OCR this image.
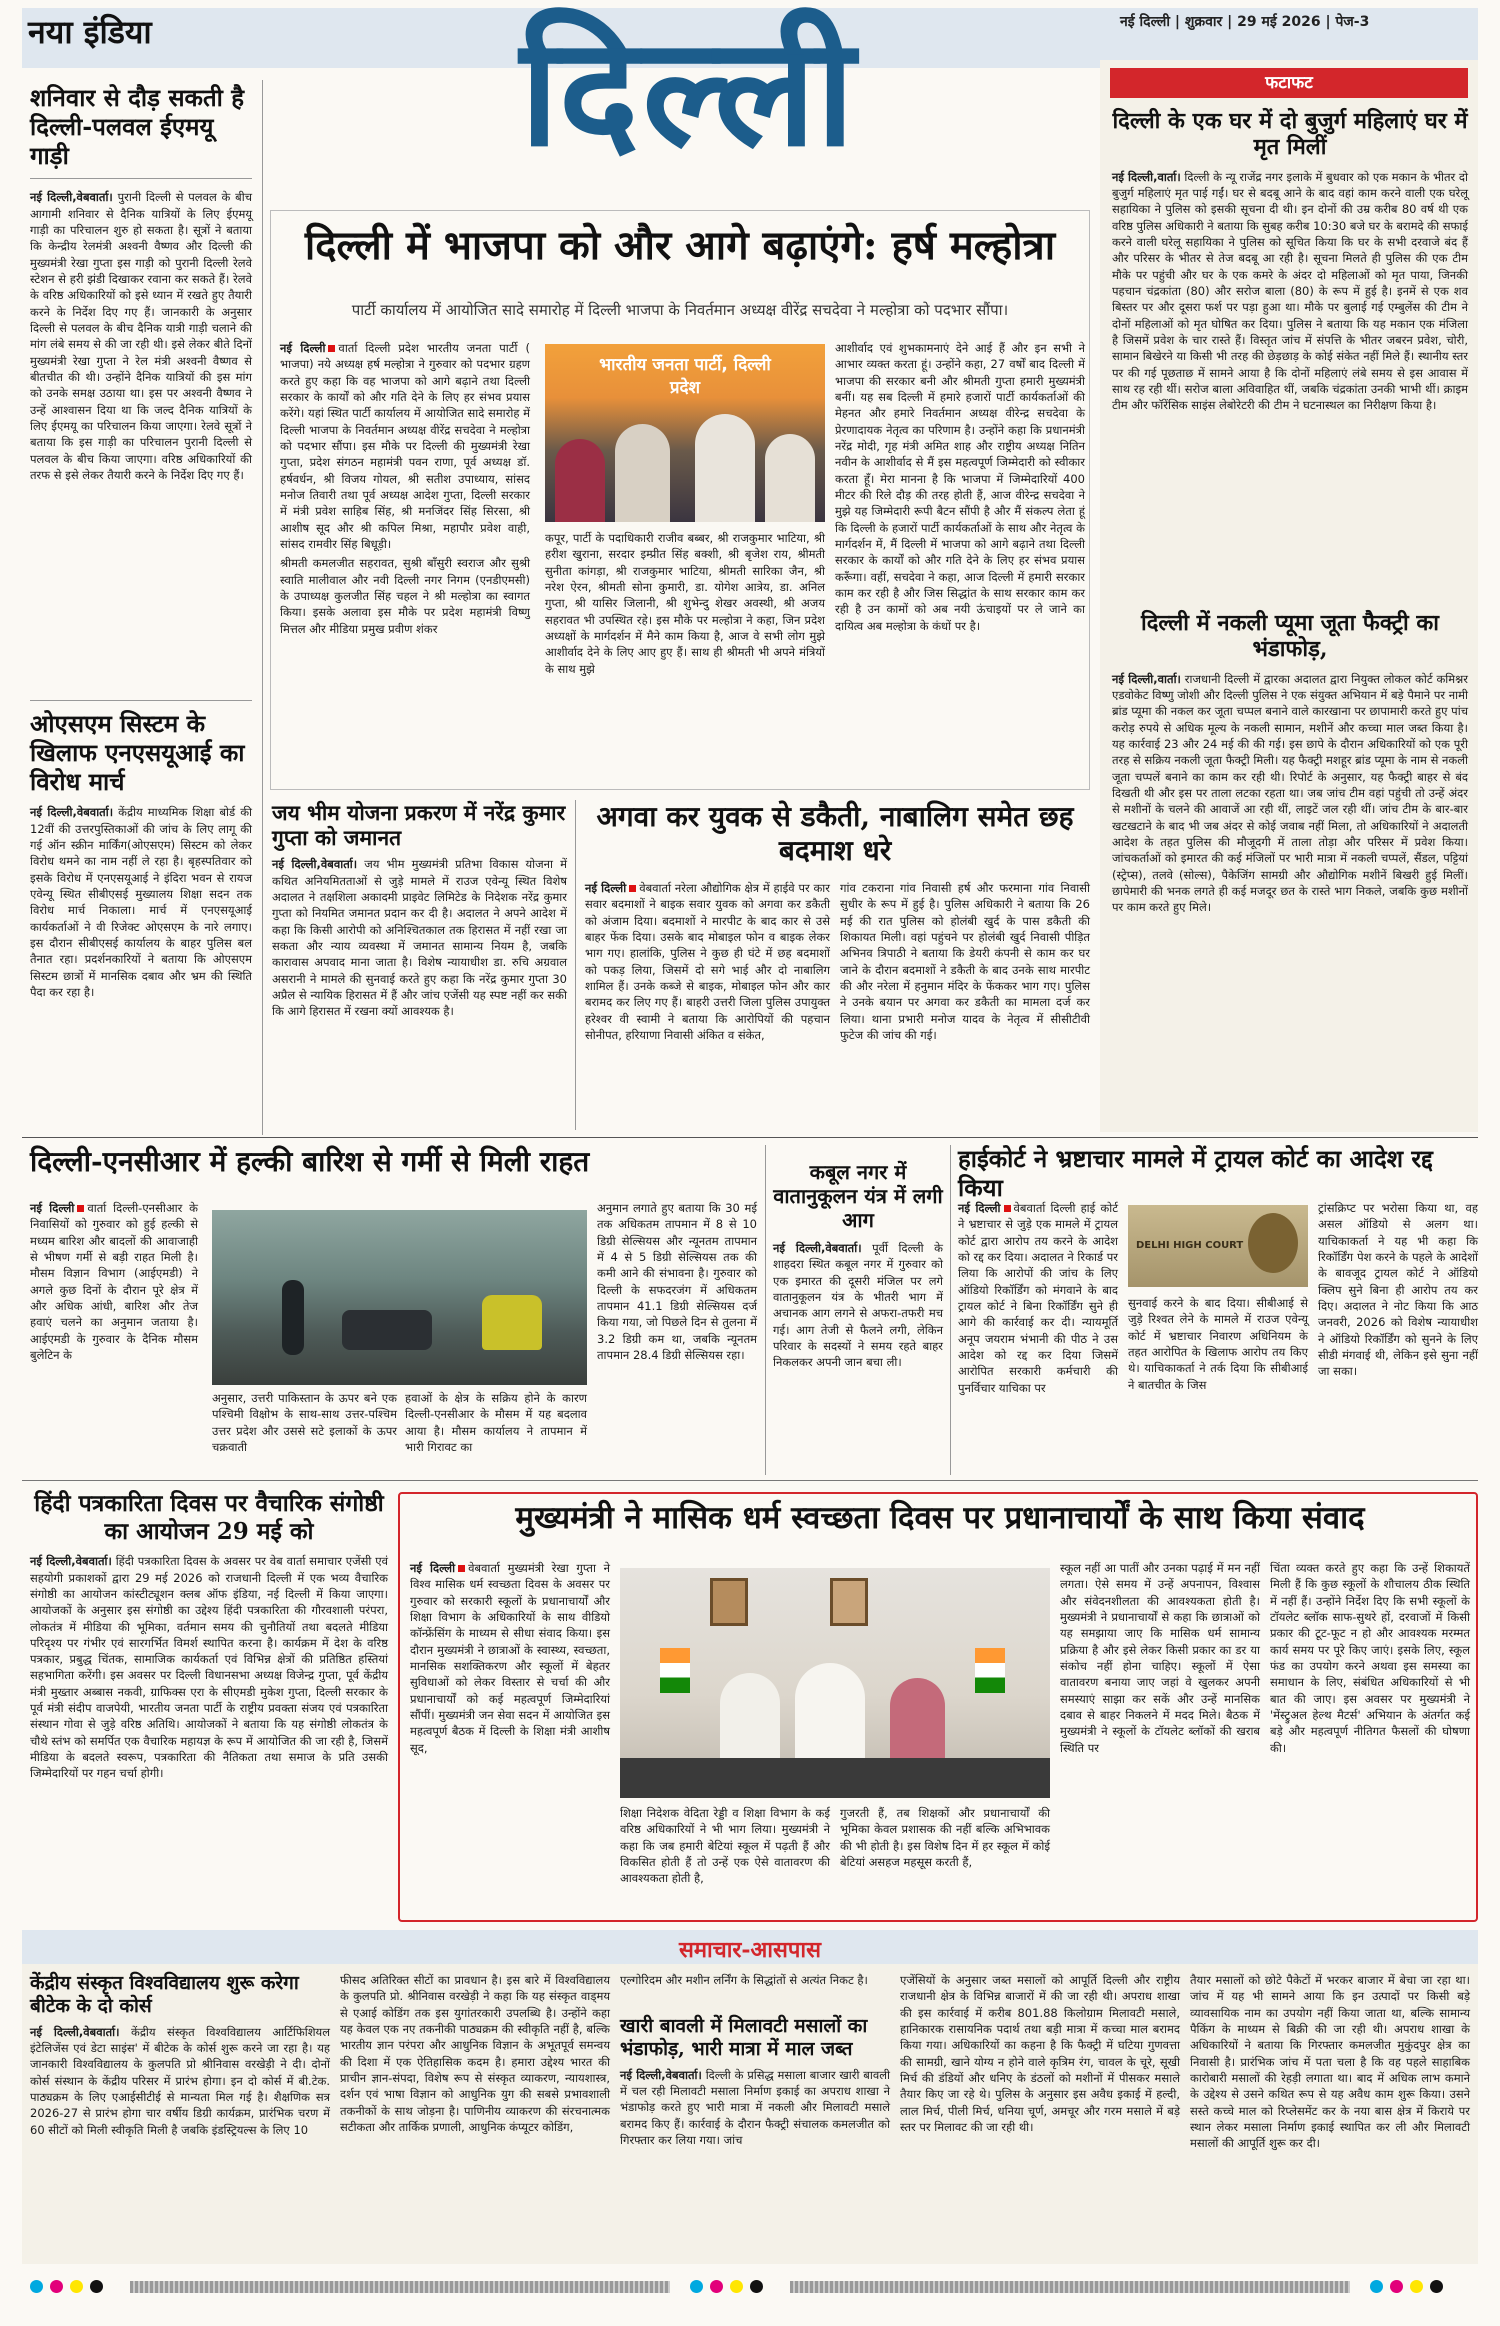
नया इंडिया	नई दिल्ली | शुक्रवार | 29 मई 2026 | पेज-3
दिल्ली
शनिवार से दौड़ सकती है दिल्ली-पलवल ईएमयू गाड़ी

नई दिल्ली,वेबवार्ता। पुरानी दिल्ली से पलवल के बीच आगामी शनिवार से दैनिक यात्रियों के लिए ईएमयू गाड़ी का परिचालन शुरु हो सकता है। सूत्रों ने बताया कि केन्द्रीय रेलमंत्री अश्वनी वैष्णव और दिल्ली की मुख्यमंत्री रेखा गुप्ता इस गाड़ी को पुरानी दिल्ली रेलवे स्टेशन से हरी झंडी दिखाकर रवाना कर सकते हैं। रेलवे के वरिष्ठ अधिकारियों को इसे ध्यान में रखते हुए तैयारी करने के निर्देश दिए गए हैं। जानकारी के अनुसार दिल्ली से पलवल के बीच दैनिक यात्री गाड़ी चलाने की मांग लंबे समय से की जा रही थी। इसे लेकर बीते दिनों मुख्यमंत्री रेखा गुप्ता ने रेल मंत्री अश्वनी वैष्णव से बीतचीत की थी। उन्होंने दैनिक यात्रियों की इस मांग को उनके समक्ष उठाया था। इस पर अश्वनी वैष्णव ने उन्हें आश्वासन दिया था कि जल्द दैनिक यात्रियों के लिए ईएमयू का परिचालन किया जाएगा। रेलवे सूत्रों ने बताया कि इस गाड़ी का परिचालन पुरानी दिल्ली से पलवल के बीच किया जाएगा। वरिष्ठ अधिकारियों की तरफ से इसे लेकर तैयारी करने के निर्देश दिए गए हैं।

ओएसएम सिस्टम के खिलाफ एनएसयूआई का विरोध मार्च

नई दिल्ली,वेबवार्ता। केंद्रीय माध्यमिक शिक्षा बोर्ड की 12वीं की उत्तरपुस्तिकाओं की जांच के लिए लागू की गई ऑन स्क्रीन मार्किंग(ओएसएम) सिस्टम को लेकर विरोध थमने का नाम नहीं ले रहा है। बृहस्पतिवार को इसके विरोध में एनएसयूआई ने इंदिरा भवन से रायज एवेन्यू स्थित सीबीएसई मुख्यालय शिक्षा सदन तक विरोध मार्च निकाला। मार्च में एनएसयूआई कार्यकर्ताओं ने वी रिजेक्ट ओएसएम के नारे लगाए। इस दौरान सीबीएसई कार्यालय के बाहर पुलिस बल तैनात रहा। प्रदर्शनकारियों ने बताया कि ओएसएम सिस्टम छात्रों में मानसिक दबाव और भ्रम की स्थिति पैदा कर रहा है।

दिल्ली में भाजपा को और आगे बढ़ाएंगे: हर्ष मल्होत्रा
पार्टी कार्यालय में आयोजित सादे समारोह में दिल्ली भाजपा के निवर्तमान अध्यक्ष वीरेंद्र सचदेवा ने मल्होत्रा को पदभार सौंपा।

नई दिल्ली वार्ता दिल्ली प्रदेश भारतीय जनता पार्टी ( भाजपा) नये अध्यक्ष हर्ष मल्होत्रा ने गुरुवार को पदभार ग्रहण करते हुए कहा कि वह भाजपा को आगे बढ़ाने तथा दिल्ली सरकार के कार्यों को और गति देने के लिए हर संभव प्रयास करेंगे। यहां स्थित पार्टी कार्यालय में आयोजित सादे समारोह में दिल्ली भाजपा के निवर्तमान अध्यक्ष वीरेंद्र सचदेवा ने मल्होत्रा को पदभार सौंपा। इस मौके पर दिल्ली की मुख्यमंत्री रेखा गुप्ता, प्रदेश संगठन महामंत्री पवन राणा, पूर्व अध्यक्ष डॉ. हर्षवर्धन, श्री विजय गोयल, श्री सतीश उपाध्याय, सांसद मनोज तिवारी तथा पूर्व अध्यक्ष आदेश गुप्ता, दिल्ली सरकार में मंत्री प्रवेश साहिब सिंह, श्री मनजिंदर सिंह सिरसा, श्री आशीष सूद और श्री कपिल मिश्रा, महापौर प्रवेश वाही, सांसद रामवीर सिंह बिधूड़ी।

श्रीमती कमलजीत सहरावत, सुश्री बाँसुरी स्वराज और सुश्री स्वाति मालीवाल और नवी दिल्ली नगर निगम (एनडीएमसी) के उपाध्यक्ष कुलजीत सिंह चहल ने श्री मल्होत्रा का स्वागत किया। इसके अलावा इस मौके पर प्रदेश महामंत्री विष्णु मित्तल और मीडिया प्रमुख प्रवीण शंकर

भारतीय जनता पार्टी, दिल्ली प्रदेश

कपूर, पार्टी के पदाधिकारी राजीव बब्बर, श्री राजकुमार भाटिया, श्री हरीश खुराना, सरदार इम्प्रीत सिंह बक्शी, श्री बृजेश राय, श्रीमती सुनीता कांगड़ा, श्री राजकुमार भाटिया, श्रीमती सारिका जैन, श्री नरेश ऐरन, श्रीमती सोना कुमारी, डा. योगेश आत्रेय, डा. अनिल गुप्ता, श्री यासिर जिलानी, श्री शुभेन्दु शेखर अवस्थी, श्री अजय सहरावत भी उपस्थित रहे। इस मौके पर मल्होत्रा ने कहा, जिन प्रदेश अध्यक्षों के मार्गदर्शन में मैने काम किया है, आज वे सभी लोग मुझे आशीर्वाद देने के लिए आए हुए हैं। साथ ही श्रीमती भी अपने मंत्रियों के साथ मुझे

आशीर्वाद एवं शुभकामनाएं देने आई हैं और इन सभी ने आभार व्यक्त करता हूं। उन्होंने कहा, 27 वर्षों बाद दिल्ली में भाजपा की सरकार बनी और श्रीमती गुप्ता हमारी मुख्यमंत्री बनीं। यह सब दिल्ली में हमारे हजारों पार्टी कार्यकर्ताओं की मेहनत और हमारे निवर्तमान अध्यक्ष वीरेन्द्र सचदेवा के प्रेरणादायक नेतृत्व का परिणाम है। उन्होंने कहा कि प्रधानमंत्री नरेंद्र मोदी, गृह मंत्री अमित शाह और राष्ट्रीय अध्यक्ष नितिन नवीन के आशीर्वाद से मैं इस महत्वपूर्ण जिम्मेदारी को स्वीकार करता हूँ। मेरा मानना है कि भाजपा में जिम्मेदारियों 400 मीटर की रिले दौड़ की तरह होती हैं, आज वीरेन्द्र सचदेवा ने मुझे यह जिम्मेदारी रूपी बैटन सौंपी है और मैं संकल्प लेता हूं कि दिल्ली के हजारों पार्टी कार्यकर्ताओं के साथ और नेतृत्व के मार्गदर्शन में, मैं दिल्ली में भाजपा को आगे बढ़ाने तथा दिल्ली सरकार के कार्यों को और गति देने के लिए हर संभव प्रयास करूँगा। वहीं, सचदेवा ने कहा, आज दिल्ली में हमारी सरकार काम कर रही है और जिस सिद्धांत के साथ सरकार काम कर रही है उन कामों को अब नयी ऊंचाइयों पर ले जाने का दायित्व अब मल्होत्रा के कंधों पर है।

फटाफट
दिल्ली के एक घर में दो बुजुर्ग महिलाएं घर में मृत मिलीं

नई दिल्ली,वार्ता। दिल्ली के न्यू राजेंद्र नगर इलाके में बुधवार को एक मकान के भीतर दो बुजुर्ग महिलाएं मृत पाई गईं। घर से बदबू आने के बाद वहां काम करने वाली एक घरेलू सहायिका ने पुलिस को इसकी सूचना दी थी। इन दोनों की उम्र करीब 80 वर्ष थी एक वरिष्ठ पुलिस अधिकारी ने बताया कि सुबह करीब 10:30 बजे घर के बरामदे की सफाई करने वाली घरेलू सहायिका ने पुलिस को सूचित किया कि घर के सभी दरवाजे बंद हैं और परिसर के भीतर से तेज बदबू आ रही है। सूचना मिलते ही पुलिस की एक टीम मौके पर पहुंची और घर के एक कमरे के अंदर दो महिलाओं को मृत पाया, जिनकी पहचान चंद्रकांता (80) और सरोज बाला (80) के रूप में हुई है। इनमें से एक शव बिस्तर पर और दूसरा फर्श पर पड़ा हुआ था। मौके पर बुलाई गई एम्बुलेंस की टीम ने दोनों महिलाओं को मृत घोषित कर दिया। पुलिस ने बताया कि यह मकान एक मंजिला है जिसमें प्रवेश के चार रास्ते हैं। विस्तृत जांच में संपत्ति के भीतर जबरन प्रवेश, चोरी, सामान बिखेरने या किसी भी तरह की छेड़छाड़ के कोई संकेत नहीं मिले हैं। स्थानीय स्तर पर की गई पूछताछ में सामने आया है कि दोनों महिलाएं लंबे समय से इस आवास में साथ रह रही थीं। सरोज बाला अविवाहित थीं, जबकि चंद्रकांता उनकी भाभी थीं। क्राइम टीम और फॉरेंसिक साइंस लेबोरेटरी की टीम ने घटनास्थल का निरीक्षण किया है।

दिल्ली में नकली प्यूमा जूता फैक्ट्री का भंडाफोड़,

नई दिल्ली,वार्ता। राजधानी दिल्ली में द्वारका अदालत द्वारा नियुक्त लोकल कोर्ट कमिश्नर एडवोकेट विष्णु जोशी और दिल्ली पुलिस ने एक संयुक्त अभियान में बड़े पैमाने पर नामी ब्रांड प्यूमा की नकल कर जूता चप्पल बनाने वाले कारखाना पर छापामारी करते हुए पांच करोड़ रुपये से अधिक मूल्य के नकली सामान, मशीनें और कच्चा माल जब्त किया है। यह कार्रवाई 23 और 24 मई की की गई। इस छापे के दौरान अधिकारियों को एक पूरी तरह से सक्रिय नकली जूता फैक्ट्री मिली। यह फैक्ट्री मशहूर ब्रांड प्यूमा के नाम से नकली जूता चप्पलें बनाने का काम कर रही थी। रिपोर्ट के अनुसार, यह फैक्ट्री बाहर से बंद दिखती थी और इस पर ताला लटका रहता था। जब जांच टीम वहां पहुंची तो उन्हें अंदर से मशीनों के चलने की आवाजें आ रही थीं, लाइटें जल रही थीं। जांच टीम के बार-बार खटखटाने के बाद भी जब अंदर से कोई जवाब नहीं मिला, तो अधिकारियों ने अदालती आदेश के तहत पुलिस की मौजूदगी में ताला तोड़ा और परिसर में प्रवेश किया। जांचकर्ताओं को इमारत की कई मंजिलों पर भारी मात्रा में नकली चप्पलें, सैंडल, पट्टियां (स्ट्रेप्स), तलवे (सोल्स), पैकेजिंग सामग्री और औद्योगिक मशीनें बिखरी हुई मिलीं। छापेमारी की भनक लगते ही कई मजदूर छत के रास्ते भाग निकले, जबकि कुछ मशीनों पर काम करते हुए मिले।

जय भीम योजना प्रकरण में नरेंद्र कुमार गुप्ता को जमानत

नई दिल्ली,वेबवार्ता। जय भीम मुख्यमंत्री प्रतिभा विकास योजना में कथित अनियमितताओं से जुड़े मामले में राउज एवेन्यू स्थित विशेष अदालत ने तक्षशिला अकादमी प्राइवेट लिमिटेड के निदेशक नरेंद्र कुमार गुप्ता को नियमित जमानत प्रदान कर दी है। अदालत ने अपने आदेश में कहा कि किसी आरोपी को अनिश्चितकाल तक हिरासत में नहीं रखा जा सकता और न्याय व्यवस्था में जमानत सामान्य नियम है, जबकि कारावास अपवाद माना जाता है। विशेष न्यायाधीश डा. रुचि अग्रवाल असरानी ने मामले की सुनवाई करते हुए कहा कि नरेंद्र कुमार गुप्ता 30 अप्रैल से न्यायिक हिरासत में हैं और जांच एजेंसी यह स्पष्ट नहीं कर सकी कि आगे हिरासत में रखना क्यों आवश्यक है।

अगवा कर युवक से डकैती, नाबालिग समेत छह बदमाश धरे

नई दिल्ली वेबवार्ता नरेला औद्योगिक क्षेत्र में हाईवे पर कार सवार बदमाशों ने बाइक सवार युवक को अगवा कर डकैती को अंजाम दिया। बदमाशों ने मारपीट के बाद कार से उसे बाहर फेंक दिया। उसके बाद मोबाइल फोन व बाइक लेकर भाग गए। हालांकि, पुलिस ने कुछ ही घंटे में छह बदमाशों को पकड़ लिया, जिसमें दो सगे भाई और दो नाबालिग शामिल हैं। उनके कब्जे से बाइक, मोबाइल फोन और कार बरामद कर लिए गए हैं। बाहरी उत्तरी जिला पुलिस उपायुक्त हरेश्वर वी स्वामी ने बताया कि आरोपियों की पहचान सोनीपत, हरियाणा निवासी अंकित व संकेत,

गांव टकराना गांव निवासी हर्ष और फरमाना गांव निवासी सुधीर के रूप में हुई है। पुलिस अधिकारी ने बताया कि 26 मई की रात पुलिस को होलंबी खुर्द के पास डकैती की शिकायत मिली। वहां पहुंचने पर होलंबी खुर्द निवासी पीड़ित अभिनव त्रिपाठी ने बताया कि डेयरी कंपनी से काम कर घर जाने के दौरान बदमाशों ने डकैती के बाद उनके साथ मारपीट की और नरेला में हनुमान मंदिर के फेंककर भाग गए। पुलिस ने उनके बयान पर अगवा कर डकैती का मामला दर्ज कर लिया। थाना प्रभारी मनोज यादव के नेतृत्व में सीसीटीवी फुटेज की जांच की गई।

दिल्ली-एनसीआर में हल्की बारिश से गर्मी से मिली राहत

नई दिल्ली वार्ता दिल्ली-एनसीआर के निवासियों को गुरुवार को हुई हल्की से मध्यम बारिश और बादलों की आवाजाही से भीषण गर्मी से बड़ी राहत मिली है। मौसम विज्ञान विभाग (आईएमडी) ने अगले कुछ दिनों के दौरान पूरे क्षेत्र में और अधिक आंधी, बारिश और तेज हवाएं चलने का अनुमान जताया है। आईएमडी के गुरुवार के दैनिक मौसम बुलेटिन के

अनुसार, उत्तरी पाकिस्तान के ऊपर बने एक पश्चिमी विक्षोभ के साथ-साथ उत्तर-पश्चिम उत्तर प्रदेश और उससे सटे इलाकों के ऊपर चक्रवाती

हवाओं के क्षेत्र के सक्रिय होने के कारण दिल्ली-एनसीआर के मौसम में यह बदलाव आया है। मौसम कार्यालय ने तापमान में भारी गिरावट का

अनुमान लगाते हुए बताया कि 30 मई तक अधिकतम तापमान में 8 से 10 डिग्री सेल्सियस और न्यूनतम तापमान में 4 से 5 डिग्री सेल्सियस तक की कमी आने की संभावना है। गुरुवार को दिल्ली के सफदरजंग में अधिकतम तापमान 41.1 डिग्री सेल्सियस दर्ज किया गया, जो पिछले दिन से तुलना में 3.2 डिग्री कम था, जबकि न्यूनतम तापमान 28.4 डिग्री सेल्सियस रहा।

कबूल नगर में वातानुकूलन यंत्र में लगी आग

नई दिल्ली,वेबवार्ता। पूर्वी दिल्ली के शाहदरा स्थित कबूल नगर में गुरुवार को एक इमारत की दूसरी मंजिल पर लगे वातानुकूलन यंत्र के भीतरी भाग में अचानक आग लगने से अफरा-तफरी मच गई। आग तेजी से फैलने लगी, लेकिन परिवार के सदस्यों ने समय रहते बाहर निकलकर अपनी जान बचा ली।

हाईकोर्ट ने भ्रष्टाचार मामले में ट्रायल कोर्ट का आदेश रद्द किया

नई दिल्ली वेबवार्ता दिल्ली हाई कोर्ट ने भ्रष्टाचार से जुड़े एक मामले में ट्रायल कोर्ट द्वारा आरोप तय करने के आदेश को रद्द कर दिया। अदालत ने रिकार्ड पर लिया कि आरोपों की जांच के लिए ऑडियो रिकॉर्डिंग को मंगवाने के बाद ट्रायल कोर्ट ने बिना रिकॉर्डिंग सुने ही आगे की कार्रवाई कर दी। न्यायमूर्ति अनूप जयराम भंभानी की पीठ ने उस आदेश को रद्द कर दिया जिसमें आरोपित सरकारी कर्मचारी की पुनर्विचार याचिका पर

DELHI HIGH COURT

सुनवाई करने के बाद दिया। सीबीआई से जुड़े रिश्वत लेने के मामले में राउज एवेन्यू कोर्ट में भ्रष्टाचार निवारण अधिनियम के तहत आरोपित के खिलाफ आरोप तय किए थे। याचिकाकर्ता ने तर्क दिया कि सीबीआई ने बातचीत के जिस

ट्रांसक्रिप्ट पर भरोसा किया था, वह असल ऑडियो से अलग था। याचिकाकर्ता ने यह भी कहा कि रिकॉर्डिंग पेश करने के पहले के आदेशों के बावजूद ट्रायल कोर्ट ने ऑडियो क्लिप सुने बिना ही आरोप तय कर दिए। अदालत ने नोट किया कि आठ जनवरी, 2026 को विशेष न्यायाधीश ने ऑडियो रिकॉर्डिंग को सुनने के लिए सीडी मंगवाई थी, लेकिन इसे सुना नहीं जा सका।

हिंदी पत्रकारिता दिवस पर वैचारिक संगोष्ठी का आयोजन 29 मई को

नई दिल्ली,वेबवार्ता। हिंदी पत्रकारिता दिवस के अवसर पर वेब वार्ता समाचार एजेंसी एवं सहयोगी प्रकाशकों द्वारा 29 मई 2026 को राजधानी दिल्ली में एक भव्य वैचारिक संगोष्ठी का आयोजन कांस्टीट्यूशन क्लब ऑफ इंडिया, नई दिल्ली में किया जाएगा। आयोजकों के अनुसार इस संगोष्ठी का उद्देश्य हिंदी पत्रकारिता की गौरवशाली परंपरा, लोकतंत्र में मीडिया की भूमिका, वर्तमान समय की चुनौतियों तथा बदलते मीडिया परिदृश्य पर गंभीर एवं सारगर्भित विमर्श स्थापित करना है। कार्यक्रम में देश के वरिष्ठ पत्रकार, प्रबुद्ध चिंतक, सामाजिक कार्यकर्ता एवं विभिन्न क्षेत्रों की प्रतिष्ठित हस्तियां सहभागिता करेंगी। इस अवसर पर दिल्ली विधानसभा अध्यक्ष विजेन्द्र गुप्ता, पूर्व केंद्रीय मंत्री मुख्तार अब्बास नकवी, ग्राफिक्स एरा के सीएमडी मुकेश गुप्ता, दिल्ली सरकार के पूर्व मंत्री संदीप वाजपेयी, भारतीय जनता पार्टी के राष्ट्रीय प्रवक्ता संजय एवं पत्रकारिता संस्थान गोवा से जुड़े वरिष्ठ अतिथि। आयोजकों ने बताया कि यह संगोष्ठी लोकतंत्र के चौथे स्तंभ को समर्पित एक वैचारिक महायज्ञ के रूप में आयोजित की जा रही है, जिसमें मीडिया के बदलते स्वरूप, पत्रकारिता की नैतिकता तथा समाज के प्रति उसकी जिम्मेदारियों पर गहन चर्चा होगी।

मुख्यमंत्री ने मासिक धर्म स्वच्छता दिवस पर प्रधानाचार्यों के साथ किया संवाद

नई दिल्ली वेबवार्ता मुख्यमंत्री रेखा गुप्ता ने विश्व मासिक धर्म स्वच्छता दिवस के अवसर पर गुरुवार को सरकारी स्कूलों के प्रधानाचार्यों और शिक्षा विभाग के अधिकारियों के साथ वीडियो कॉन्फ्रेंसिंग के माध्यम से सीधा संवाद किया। इस दौरान मुख्यमंत्री ने छात्राओं के स्वास्थ्य, स्वच्छता, मानसिक सशक्तिकरण और स्कूलों में बेहतर सुविधाओं को लेकर विस्तार से चर्चा की और प्रधानाचार्यों को कई महत्वपूर्ण जिम्मेदारियां सौंपीं। मुख्यमंत्री जन सेवा सदन में आयोजित इस महत्वपूर्ण बैठक में दिल्ली के शिक्षा मंत्री आशीष सूद,

शिक्षा निदेशक वेदिता रेड्डी व शिक्षा विभाग के कई वरिष्ठ अधिकारियों ने भी भाग लिया। मुख्यमंत्री ने कहा कि जब हमारी बेटियां स्कूल में पढ़ती हैं और विकसित होती हैं तो उन्हें एक ऐसे वातावरण की आवश्यकता होती है,

गुजरती हैं, तब शिक्षकों और प्रधानाचार्यों की भूमिका केवल प्रशासक की नहीं बल्कि अभिभावक की भी होती है। इस विशेष दिन में हर स्कूल में कोई बेटियां असहज महसूस करती हैं,

स्कूल नहीं आ पातीं और उनका पढ़ाई में मन नहीं लगता। ऐसे समय में उन्हें अपनापन, विश्वास और संवेदनशीलता की आवश्यकता होती है। मुख्यमंत्री ने प्रधानाचार्यों से कहा कि छात्राओं को यह समझाया जाए कि मासिक धर्म सामान्य प्रक्रिया है और इसे लेकर किसी प्रकार का डर या संकोच नहीं होना चाहिए। स्कूलों में ऐसा वातावरण बनाया जाए जहां वे खुलकर अपनी समस्याएं साझा कर सकें और उन्हें मानसिक दबाव से बाहर निकलने में मदद मिले। बैठक में मुख्यमंत्री ने स्कूलों के टॉयलेट ब्लॉकों की खराब स्थिति पर

चिंता व्यक्त करते हुए कहा कि उन्हें शिकायतें मिली हैं कि कुछ स्कूलों के शौचालय ठीक स्थिति में नहीं हैं। उन्होंने निर्देश दिए कि सभी स्कूलों के टॉयलेट ब्लॉक साफ-सुथरे हों, दरवाजों में किसी प्रकार की टूट-फूट न हो और आवश्यक मरम्मत कार्य समय पर पूरे किए जाएं। इसके लिए, स्कूल फंड का उपयोग करने अथवा इस समस्या का समाधान के लिए, संबंधित अधिकारियों से भी बात की जाए। इस अवसर पर मुख्यमंत्री ने 'मेंस्ट्रुअल हेल्थ मैटर्स' अभियान के अंतर्गत कई बड़े और महत्वपूर्ण नीतिगत फैसलों की घोषणा की।

समाचार-आसपास
केंद्रीय संस्कृत विश्वविद्यालय शुरू करेगा बीटेक के दो कोर्स

नई दिल्ली,वेबवार्ता। केंद्रीय संस्कृत विश्वविद्यालय आर्टिफिशियल इंटेलिजेंस एवं डेटा साइंस' में बीटेक के कोर्स शुरू करने जा रहा है। यह जानकारी विश्वविद्यालय के कुलपति प्रो श्रीनिवास वरखेड़ी ने दी। दोनों कोर्स संस्थान के केंद्रीय परिसर में प्रारंभ होगा। इन दो कोर्स में बी.टेक. पाठ्यक्रम के लिए एआईसीटीई से मान्यता मिल गई है। शैक्षणिक सत्र 2026-27 से प्रारंभ होगा चार वर्षीय डिग्री कार्यक्रम, प्रारंभिक चरण में 60 सीटों को मिली स्वीकृति मिली है जबकि इंडस्ट्रियल्स के लिए 10

फीसद अतिरिक्त सीटों का प्रावधान है। इस बारे में विश्वविद्यालय के कुलपति प्रो. श्रीनिवास वरखेड़ी ने कहा कि यह संस्कृत वाड्मय से एआई कोडिंग तक इस युगांतरकारी उपलब्धि है। उन्होंने कहा यह केवल एक नए तकनीकी पाठ्यक्रम की स्वीकृति नहीं है, बल्कि भारतीय ज्ञान परंपरा और आधुनिक विज्ञान के अभूतपूर्व समन्वय की दिशा में एक ऐतिहासिक कदम है। हमारा उद्देश्य भारत की प्राचीन ज्ञान-संपदा, विशेष रूप से संस्कृत व्याकरण, न्यायशास्त्र, दर्शन एवं भाषा विज्ञान को आधुनिक युग की सबसे प्रभावशाली तकनीकों के साथ जोड़ना है। पाणिनीय व्याकरण की संरचनात्मक सटीकता और तार्किक प्रणाली, आधुनिक कंप्यूटर कोडिंग,

एल्गोरिदम और मशीन लर्निंग के सिद्धांतों से अत्यंत निकट है।

खारी बावली में मिलावटी मसालों का भंडाफोड़, भारी मात्रा में माल जब्त

नई दिल्ली,वेबवार्ता। दिल्ली के प्रसिद्ध मसाला बाजार खारी बावली में चल रही मिलावटी मसाला निर्माण इकाई का अपराध शाखा ने भंडाफोड़ करते हुए भारी मात्रा में नकली और मिलावटी मसाले बरामद किए हैं। कार्रवाई के दौरान फैक्ट्री संचालक कमलजीत को गिरफ्तार कर लिया गया। जांच

एजेंसियों के अनुसार जब्त मसालों को आपूर्ति दिल्ली और राष्ट्रीय राजधानी क्षेत्र के विभिन्न बाजारों में की जा रही थी। अपराध शाखा की इस कार्रवाई में करीब 801.88 किलोग्राम मिलावटी मसाले, हानिकारक रासायनिक पदार्थ तथा बड़ी मात्रा में कच्चा माल बरामद किया गया। अधिकारियों का कहना है कि फैक्ट्री में घटिया गुणवत्ता की सामग्री, खाने योग्य न होने वाले कृत्रिम रंग, चावल के चूरे, सूखी मिर्च की डंडियों और धनिए के डंठलों को मशीनों में पीसकर मसाले तैयार किए जा रहे थे। पुलिस के अनुसार इस अवैध इकाई में हल्दी, लाल मिर्च, पीली मिर्च, धनिया चूर्ण, अमचूर और गरम मसाले में बड़े स्तर पर मिलावट की जा रही थी।

तैयार मसालों को छोटे पैकेटों में भरकर बाजार में बेचा जा रहा था। जांच में यह भी सामने आया कि इन उत्पादों पर किसी बड़े व्यावसायिक नाम का उपयोग नहीं किया जाता था, बल्कि सामान्य पैकिंग के माध्यम से बिक्री की जा रही थी। अपराध शाखा के अधिकारियों ने बताया कि गिरफ्तार कमलजीत मुकुंदपुर क्षेत्र का निवासी है। प्रारंभिक जांच में पता चला है कि वह पहले साहाबिक कारोबारी मसालों की रेहड़ी लगाता था। बाद में अधिक लाभ कमाने के उद्देश्य से उसने कथित रूप से यह अवैध काम शुरू किया। उसने सस्ते कच्चे माल को रिप्लेसमेंट कर के नया बास क्षेत्र में किराये पर स्थान लेकर मसाला निर्माण इकाई स्थापित कर ली और मिलावटी मसालों की आपूर्ति शुरू कर दी।
